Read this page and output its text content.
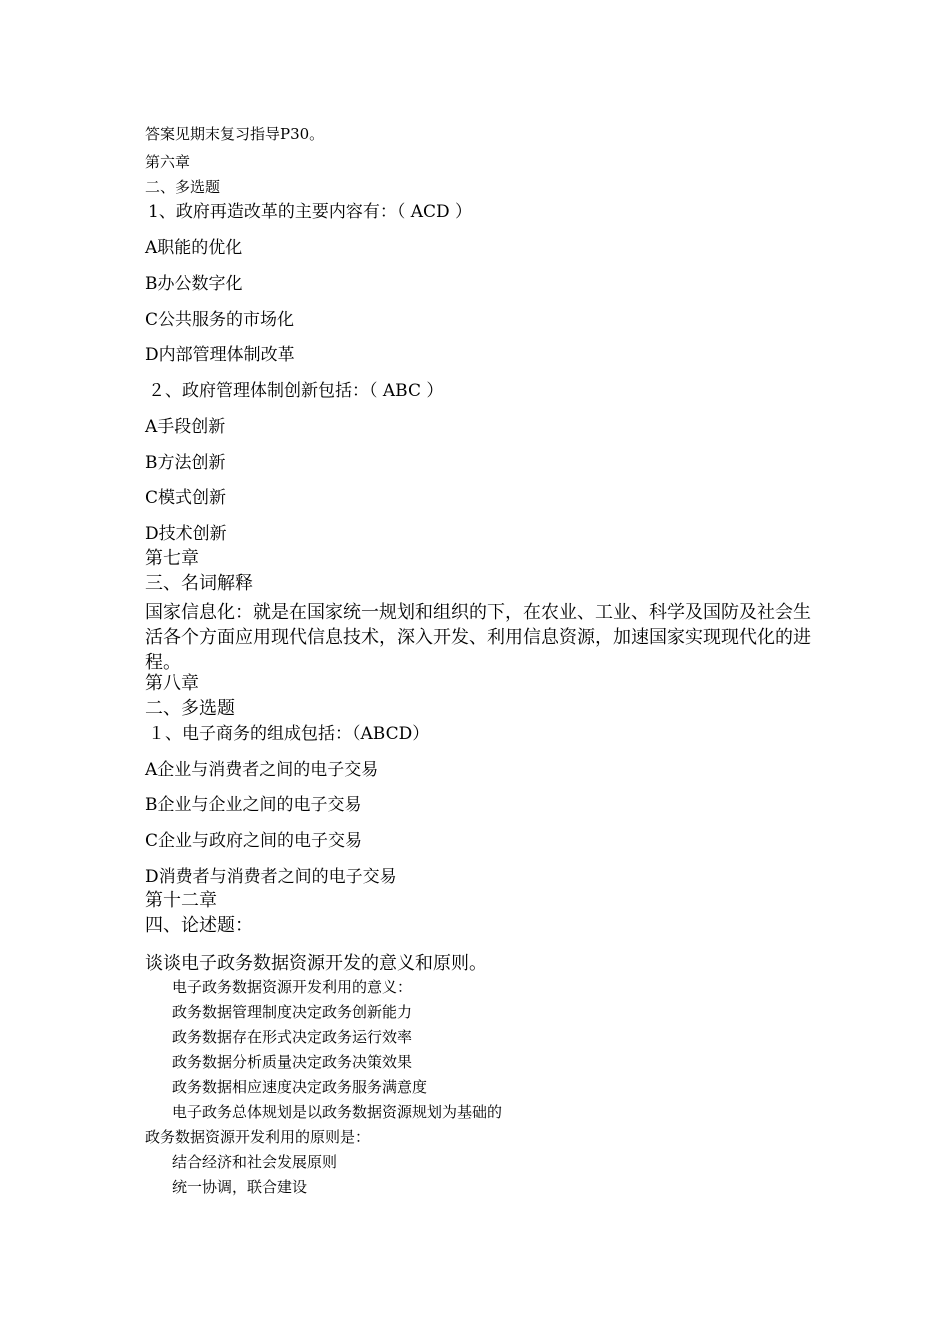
答案见期末复习指导P30。
第六章
二、多选题
1、政府再造改革的主要内容有：（ ACD ）
A职能的优化
B办公数字化
C公共服务的市场化
D内部管理体制改革
２、政府管理体制创新包括：（ ABC ）
A手段创新
B方法创新
C模式创新
D技术创新
第七章
三、名词解释
国家信息化：就是在国家统一规划和组织的下，在农业、工业、科学及国防及社会生活各个方面应用现代信息技术，深入开发、利用信息资源，加速国家实现现代化的进程。
第八章
二、多选题
１、电子商务的组成包括：（ABCD）
A企业与消费者之间的电子交易
B企业与企业之间的电子交易
C企业与政府之间的电子交易
D消费者与消费者之间的电子交易
第十二章
四、论述题：
谈谈电子政务数据资源开发的意义和原则。
电子政务数据资源开发利用的意义：
政务数据管理制度决定政务创新能力
政务数据存在形式决定政务运行效率
政务数据分析质量决定政务决策效果
政务数据相应速度决定政务服务满意度
电子政务总体规划是以政务数据资源规划为基础的
政务数据资源开发利用的原则是：
结合经济和社会发展原则
统一协调，联合建设
